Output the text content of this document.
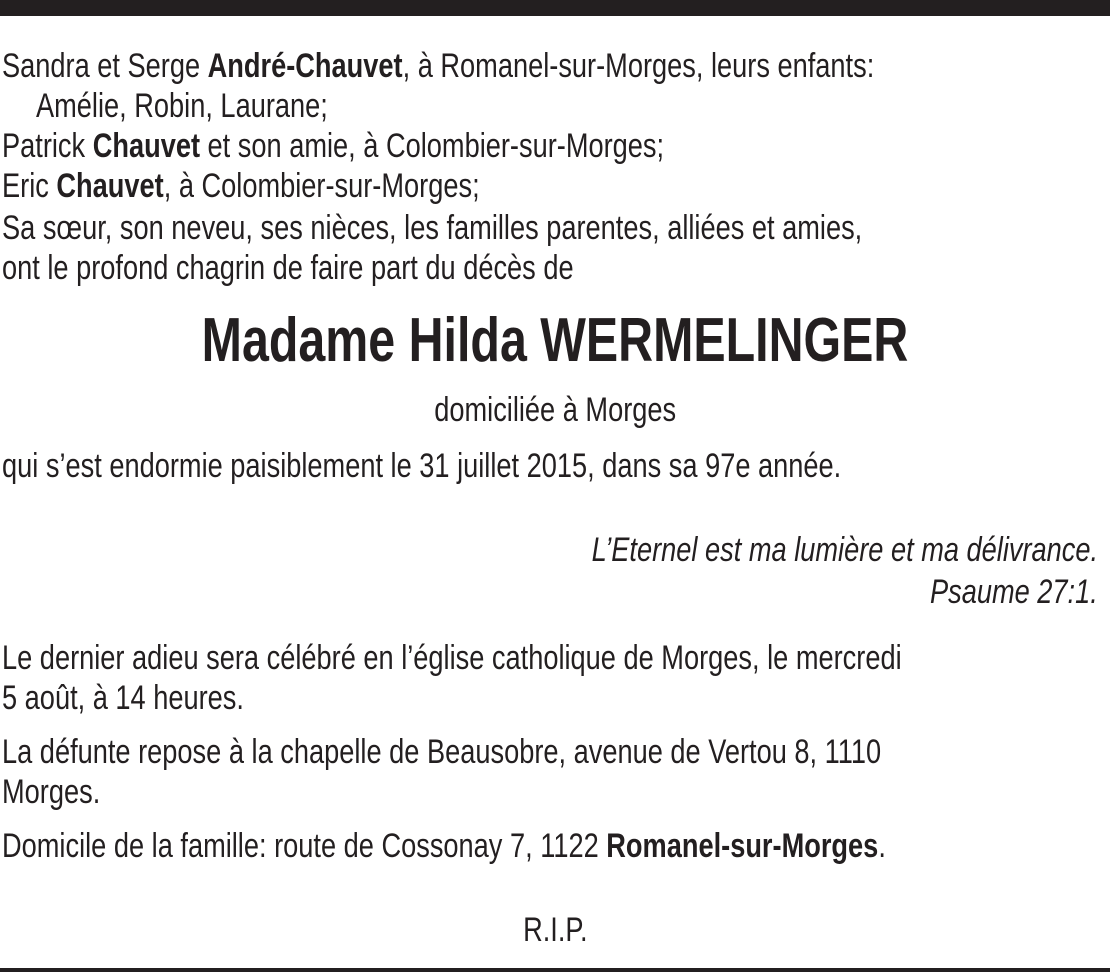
Sandra et Serge André-Chauvet, à Romanel-sur-Morges, leurs enfants:
Amélie, Robin, Laurane;
Patrick Chauvet et son amie, à Colombier-sur-Morges;
Eric Chauvet, à Colombier-sur-Morges;
Sa sœur, son neveu, ses nièces, les familles parentes, alliées et amies,
ont le profond chagrin de faire part du décès de
Madame Hilda WERMELINGER
domiciliée à Morges
qui s’est endormie paisiblement le 31 juillet 2015, dans sa 97e année.
L’Eternel est ma lumière et ma délivrance.
Psaume 27:1.
Le dernier adieu sera célébré en l’église catholique de Morges, le mercredi
5 août, à 14 heures.
La défunte repose à la chapelle de Beausobre, avenue de Vertou 8, 1110
Morges.
Domicile de la famille: route de Cossonay 7, 1122 Romanel-sur-Morges.
R.I.P.
